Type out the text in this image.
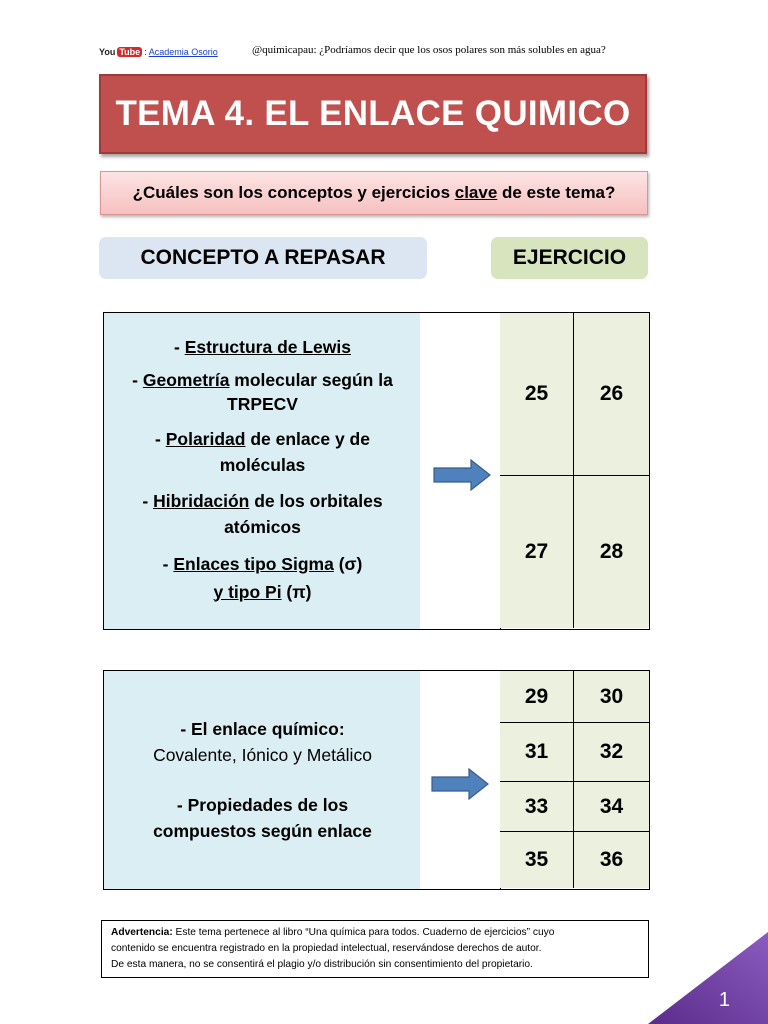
You Tube : Academia Osorio	@quimicapau: ¿Podríamos decir que los osos polares son más solubles en agua?
TEMA 4. EL ENLACE QUIMICO
¿Cuáles son los conceptos y ejercicios clave de este tema?
CONCEPTO A REPASAR	EJERCICIO

- Estructura de Lewis

- Geometría molecular según la
TRPECV

- Polaridad de enlace y de
moléculas

- Hibridación de los orbitales
atómicos

- Enlaces tipo Sigma (σ)
y tipo Pi (π)

25	26
27	28

- El enlace químico:
Covalente, Iónico y Metálico

- Propiedades de los
compuestos según enlace

29	30
31	32
33	34
35	36
Advertencia: Este tema pertenece al libro “Una química para todos. Cuaderno de ejercicios” cuyo
contenido se encuentra registrado en la propiedad intelectual, reservándose derechos de autor.
De esta manera, no se consentirá el plagio y/o distribución sin consentimiento del propietario.
1
